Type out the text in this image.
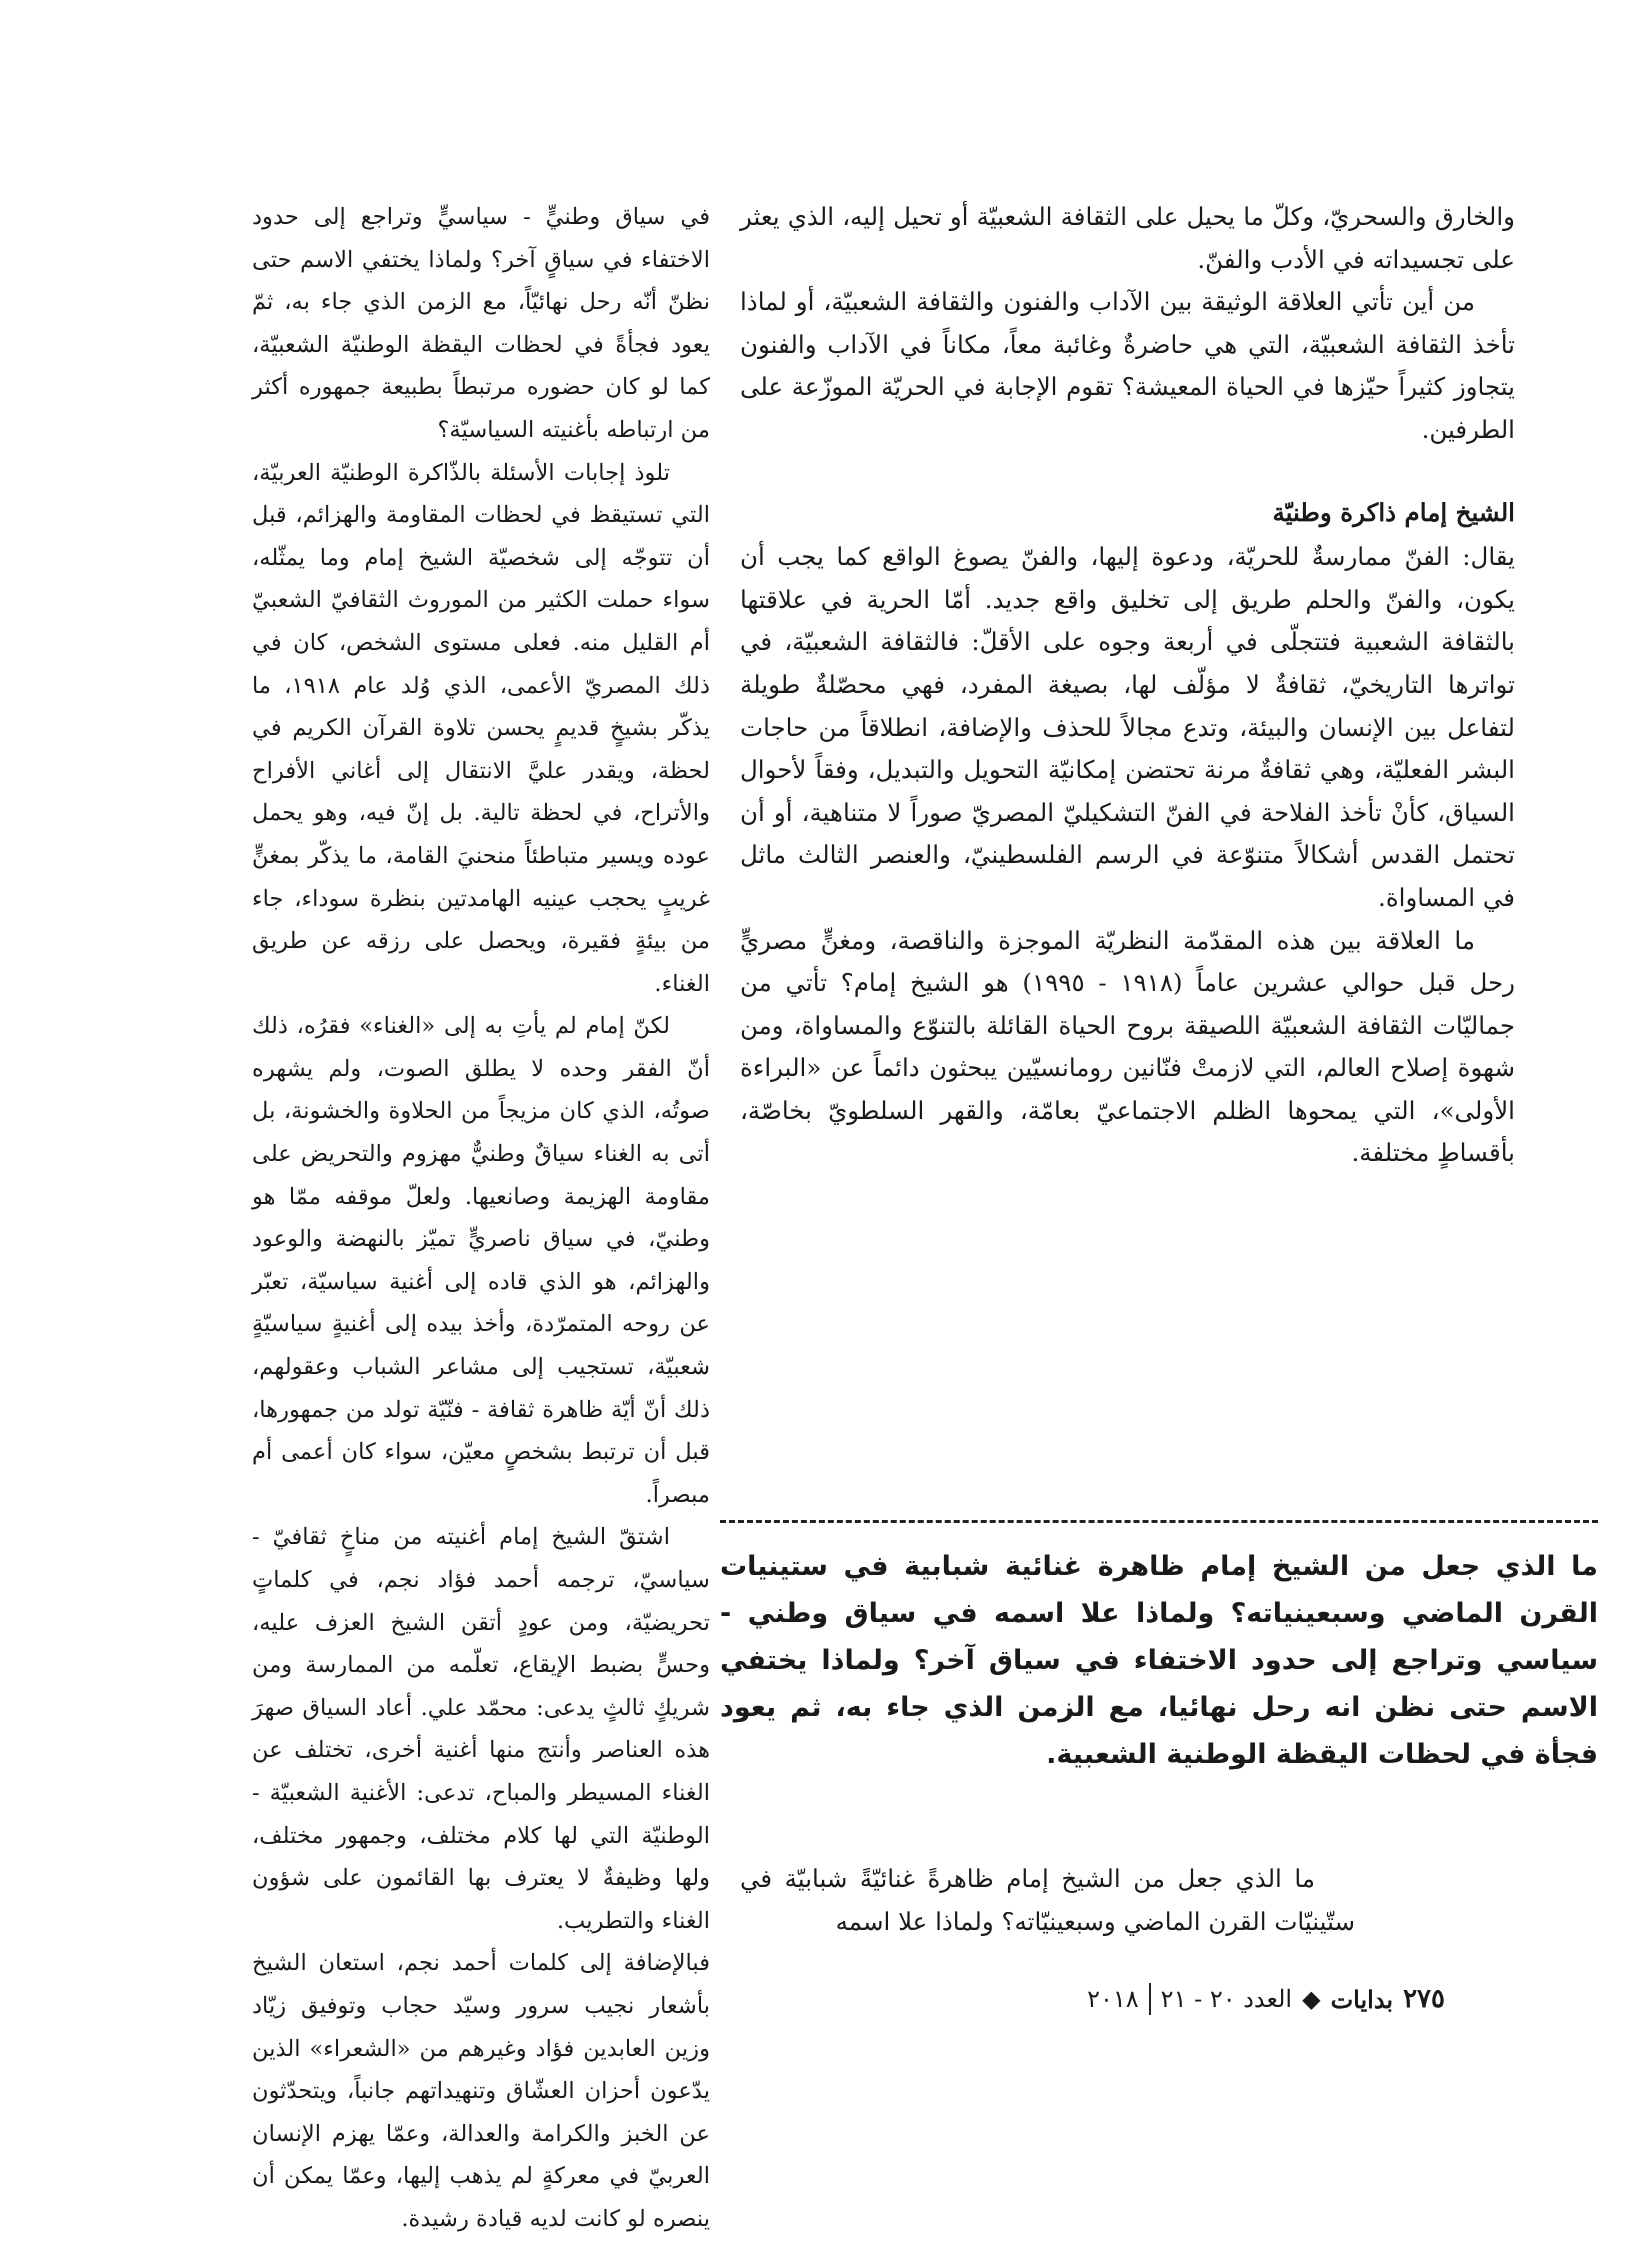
والخارق والسحريّ، وكلّ ما يحيل على الثقافة الشعبيّة أو تحيل إليه، الذي يعثر على تجسيداته في الأدب والفنّ.

من أين تأتي العلاقة الوثيقة بين الآداب والفنون والثقافة الشعبيّة، أو لماذا تأخذ الثقافة الشعبيّة، التي هي حاضرةٌ وغائبة معاً، مكاناً في الآداب والفنون يتجاوز كثيراً حيّزها في الحياة المعيشة؟ تقوم الإجابة في الحريّة الموزّعة على الطرفين.

الشيخ إمام ذاكرة وطنيّة

يقال: الفنّ ممارسةٌ للحريّة، ودعوة إليها، والفنّ يصوغ الواقع كما يجب أن يكون، والفنّ والحلم طريق إلى تخليق واقع جديد. أمّا الحرية في علاقتها بالثقافة الشعبية فتتجلّى في أربعة وجوه على الأقلّ: فالثقافة الشعبيّة، في تواترها التاريخيّ، ثقافةٌ لا مؤلّف لها، بصيغة المفرد، فهي محصّلةٌ طويلة لتفاعل بين الإنسان والبيئة، وتدع مجالاً للحذف والإضافة، انطلاقاً من حاجات البشر الفعليّة، وهي ثقافةٌ مرنة تحتضن إمكانيّة التحويل والتبديل، وفقاً لأحوال السياق، كأنْ تأخذ الفلاحة في الفنّ التشكيليّ المصريّ صوراً لا متناهية، أو أن تحتمل القدس أشكالاً متنوّعة في الرسم الفلسطينيّ، والعنصر الثالث ماثل في المساواة.

ما العلاقة بين هذه المقدّمة النظريّة الموجزة والناقصة، ومغنٍّ مصريٍّ رحل قبل حوالي عشرين عاماً (١٩١٨ - ١٩٩٥) هو الشيخ إمام؟ تأتي من جماليّات الثقافة الشعبيّة اللصيقة بروح الحياة القائلة بالتنوّع والمساواة، ومن شهوة إصلاح العالم، التي لازمتْ فنّانين رومانسيّين يبحثون دائماً عن «البراءة الأولى»، التي يمحوها الظلم الاجتماعيّ بعامّة، والقهر السلطويّ بخاصّة، بأقساطٍ مختلفة.

في سياق وطنيٍّ - سياسيٍّ وتراجع إلى حدود الاختفاء في سياقٍ آخر؟ ولماذا يختفي الاسم حتى نظنّ أنّه رحل نهائيّاً، مع الزمن الذي جاء به، ثمّ يعود فجأةً في لحظات اليقظة الوطنيّة الشعبيّة، كما لو كان حضوره مرتبطاً بطبيعة جمهوره أكثر من ارتباطه بأغنيته السياسيّة؟

تلوذ إجابات الأسئلة بالذّاكرة الوطنيّة العربيّة، التي تستيقظ في لحظات المقاومة والهزائم، قبل أن تتوجّه إلى شخصيّة الشيخ إمام وما يمثّله، سواء حملت الكثير من الموروث الثقافيّ الشعبيّ أم القليل منه. فعلى مستوى الشخص، كان في ذلك المصريّ الأعمى، الذي وُلد عام ١٩١٨، ما يذكّر بشيخٍ قديمٍ يحسن تلاوة القرآن الكريم في لحظة، ويقدر عليَّ الانتقال إلى أغاني الأفراح والأتراح، في لحظة تالية. بل إنّ فيه، وهو يحمل عوده ويسير متباطئاً منحنيَ القامة، ما يذكّر بمغنٍّ غريبٍ يحجب عينيه الهامدتين بنظرة سوداء، جاء من بيئةٍ فقيرة، ويحصل على رزقه عن طريق الغناء.

لكنّ إمام لم يأتِ به إلى «الغناء» فقرُه، ذلك أنّ الفقر وحده لا يطلق الصوت، ولم يشهره صوتُه، الذي كان مزيجاً من الحلاوة والخشونة، بل أتى به الغناء سياقٌ وطنيٌّ مهزوم والتحريض على مقاومة الهزيمة وصانعيها. ولعلّ موقفه ممّا هو وطنيّ، في سياق ناصريٍّ تميّز بالنهضة والوعود والهزائم، هو الذي قاده إلى أغنية سياسيّة، تعبّر عن روحه المتمرّدة، وأخذ بيده إلى أغنيةٍ سياسيّةٍ شعبيّة، تستجيب إلى مشاعر الشباب وعقولهم، ذلك أنّ أيّة ظاهرة ثقافة - فنّيّة تولد من جمهورها، قبل أن ترتبط بشخصٍ معيّن، سواء كان أعمى أم مبصراً.

اشتقّ الشيخ إمام أغنيته من مناخٍ ثقافيّ - سياسيّ، ترجمه أحمد فؤاد نجم، في كلماتٍ تحريضيّة، ومن عودٍ أتقن الشيخ العزف عليه، وحسٍّ بضبط الإيقاع، تعلّمه من الممارسة ومن شريكٍ ثالثٍ يدعى: محمّد علي. أعاد السياق صهرَ هذه العناصر وأنتج منها أغنية أخرى، تختلف عن الغناء المسيطر والمباح، تدعى: الأغنية الشعبيّة - الوطنيّة التي لها كلام مختلف، وجمهور مختلف، ولها وظيفةٌ لا يعترف بها القائمون على شؤون الغناء والتطريب.

فبالإضافة إلى كلمات أحمد نجم، استعان الشيخ بأشعار نجيب سرور وسيّد حجاب وتوفيق زيّاد وزين العابدين فؤاد وغيرهم من «الشعراء» الذين يدّعون أحزان العشّاق وتنهيداتهم جانباً، ويتحدّثون عن الخبز والكرامة والعدالة، وعمّا يهزم الإنسان العربيّ في معركةٍ لم يذهب إليها، وعمّا يمكن أن ينصره لو كانت لديه قيادة رشيدة.

ما الذي جعل من الشيخ إمام ظاهرة غنائية شبابية في ستينيات القرن الماضي وسبعينياته؟ ولماذا علا اسمه في سياق وطني - سياسي وتراجع إلى حدود الاختفاء في سياق آخر؟ ولماذا يختفي الاسم حتى نظن انه رحل نهائيا، مع الزمن الذي جاء به، ثم يعود فجأة في لحظات اليقظة الوطنية الشعبية.

ما الذي جعل من الشيخ إمام ظاهرةً غنائيّةً شبابيّة في ستّينيّات القرن الماضي وسبعينيّاته؟ ولماذا علا اسمه

٢٧٥
بدايات
◆
العدد ٢٠ - ٢١
٢٠١٨
